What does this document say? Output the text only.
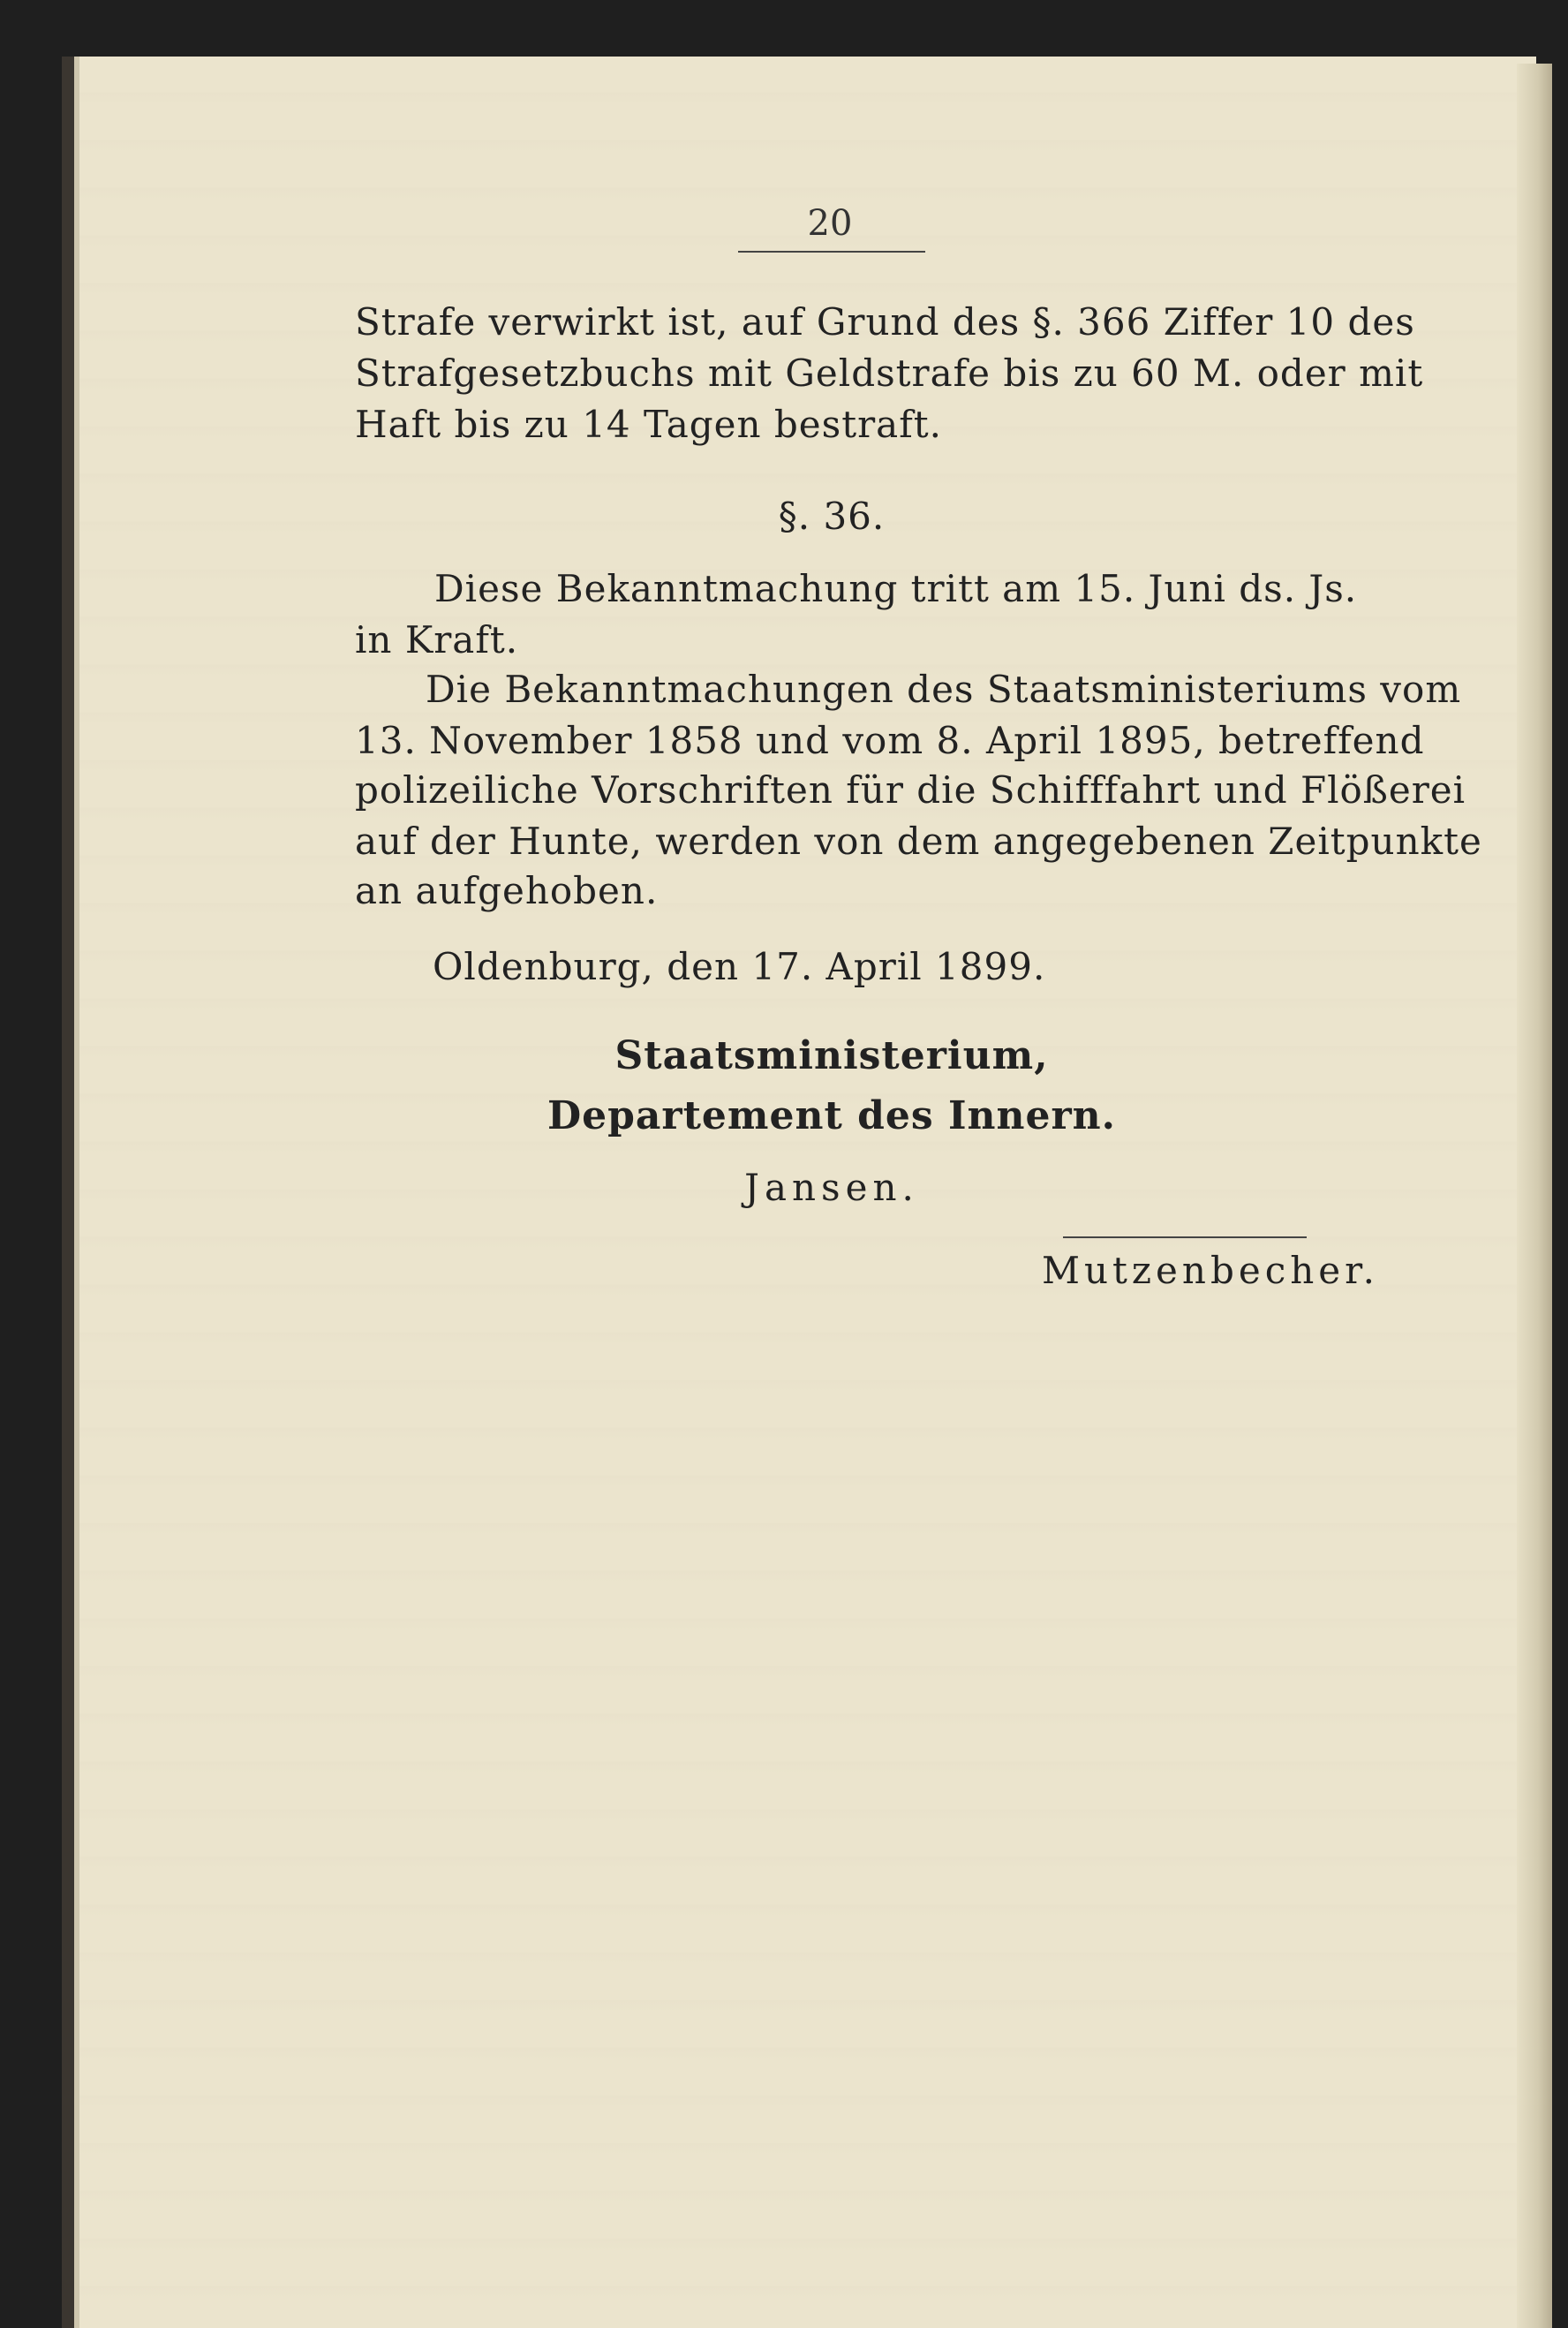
20
Strafe verwirkt ist, auf Grund des §. 366 Ziffer 10 des
Strafgesetzbuchs mit Geldstrafe bis zu 60 M. oder mit
Haft bis zu 14 Tagen bestraft.
§. 36.
Diese Bekanntmachung tritt am 15. Juni ds. Js.
in Kraft.
Die Bekanntmachungen des Staatsministeriums vom
13. November 1858 und vom 8. April 1895, betreffend
polizeiliche Vorschriften für die Schifffahrt und Flößerei
auf der Hunte, werden von dem angegebenen Zeitpunkte
an aufgehoben.
Oldenburg, den 17. April 1899.
Staatsministerium,
Departement des Innern.
Jansen.
Mutzenbecher.
